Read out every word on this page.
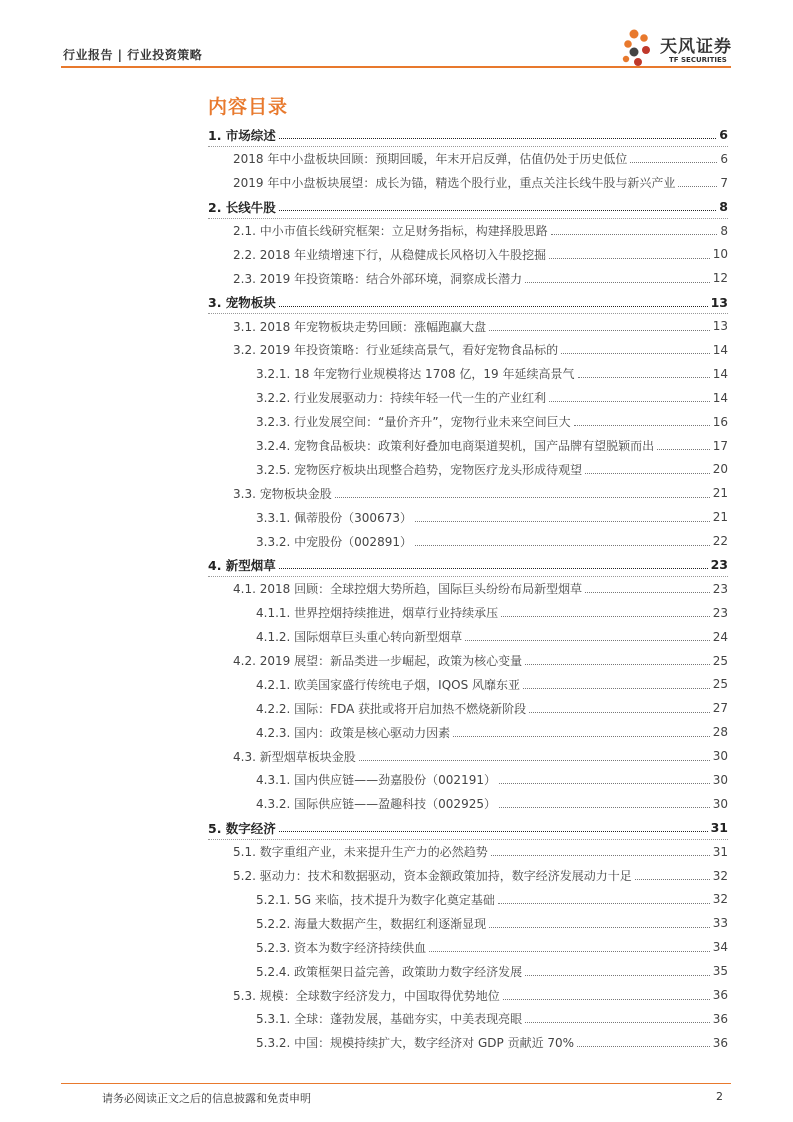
行业报告 | 行业投资策略	天风证券
TF SECURITIES
内容目录
1. 市场综述	6
2018 年中小盘板块回顾：预期回暖，年末开启反弹，估值仍处于历史低位	6
2019 年中小盘板块展望：成长为锚，精选个股行业，重点关注长线牛股与新兴产业	7
2. 长线牛股	8
2.1. 中小市值长线研究框架：立足财务指标，构建择股思路	8
2.2. 2018 年业绩增速下行，从稳健成长风格切入牛股挖掘	10
2.3. 2019 年投资策略：结合外部环境，洞察成长潜力	12
3. 宠物板块	13
3.1. 2018 年宠物板块走势回顾：涨幅跑赢大盘	13
3.2. 2019 年投资策略：行业延续高景气，看好宠物食品标的	14
3.2.1. 18 年宠物行业规模将达 1708 亿，19 年延续高景气	14
3.2.2. 行业发展驱动力：持续年轻一代一生的产业红利	14
3.2.3. 行业发展空间：“量价齐升”，宠物行业未来空间巨大	16
3.2.4. 宠物食品板块：政策利好叠加电商渠道契机，国产品牌有望脱颖而出	17
3.2.5. 宠物医疗板块出现整合趋势，宠物医疗龙头形成待观望	20
3.3. 宠物板块金股	21
3.3.1. 佩蒂股份（300673）	21
3.3.2. 中宠股份（002891）	22
4. 新型烟草	23
4.1. 2018 回顾：全球控烟大势所趋，国际巨头纷纷布局新型烟草	23
4.1.1. 世界控烟持续推进，烟草行业持续承压	23
4.1.2. 国际烟草巨头重心转向新型烟草	24
4.2. 2019 展望：新品类进一步崛起，政策为核心变量	25
4.2.1. 欧美国家盛行传统电子烟，IQOS 风靡东亚	25
4.2.2. 国际：FDA 获批或将开启加热不燃烧新阶段	27
4.2.3. 国内：政策是核心驱动力因素	28
4.3. 新型烟草板块金股	30
4.3.1. 国内供应链——劲嘉股份（002191）	30
4.3.2. 国际供应链——盈趣科技（002925）	30
5. 数字经济	31
5.1. 数字重组产业，未来提升生产力的必然趋势	31
5.2. 驱动力：技术和数据驱动，资本金额政策加持，数字经济发展动力十足	32
5.2.1. 5G 来临，技术提升为数字化奠定基础	32
5.2.2. 海量大数据产生，数据红利逐渐显现	33
5.2.3. 资本为数字经济持续供血	34
5.2.4. 政策框架日益完善，政策助力数字经济发展	35
5.3. 规模：全球数字经济发力，中国取得优势地位	36
5.3.1. 全球：蓬勃发展，基础夯实，中美表现亮眼	36
5.3.2. 中国：规模持续扩大，数字经济对 GDP 贡献近 70%	36
请务必阅读正文之后的信息披露和免责申明	2
